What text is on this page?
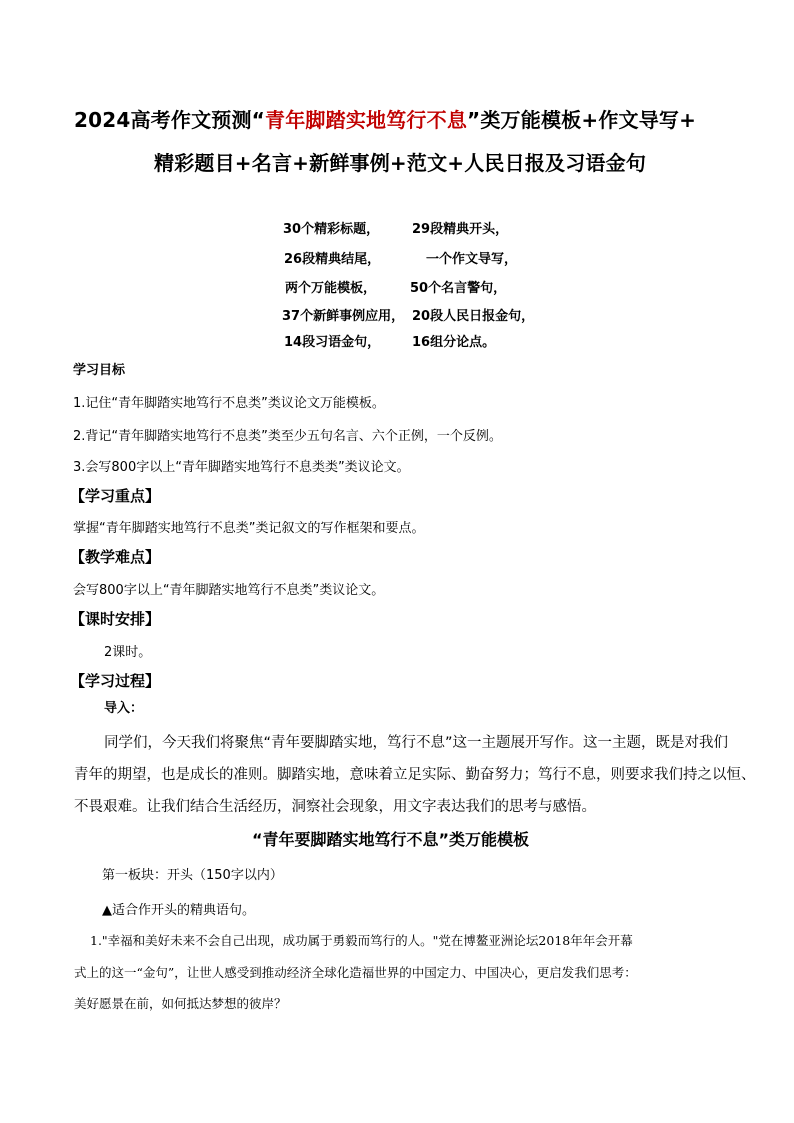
2024高考作文预测“青年脚踏实地笃行不息”类万能模板+作文导写+
精彩题目+名言+新鲜事例+范文+人民日报及习语金句
30个精彩标题，	29段精典开头，
26段精典结尾，	一个作文导写，
两个万能模板，	50个名言警句，
37个新鲜事例应用， 20段人民日报金句，
14段习语金句， 16组分论点。
学习目标
1.记住“青年脚踏实地笃行不息类”类议论文万能模板。
2.背记“青年脚踏实地笃行不息类”类至少五句名言、六个正例，一个反例。
3.会写800字以上“青年脚踏实地笃行不息类类”类议论文。
【学习重点】
掌握“青年脚踏实地笃行不息类”类记叙文的写作框架和要点。
【教学难点】
会写800字以上“青年脚踏实地笃行不息类”类议论文。
【课时安排】
2课时。
【学习过程】
导入：
同学们，今天我们将聚焦“青年要脚踏实地，笃行不息”这一主题展开写作。这一主题，既是对我们
青年的期望，也是成长的准则。脚踏实地，意味着立足实际、勤奋努力；笃行不息，则要求我们持之以恒、
不畏艰难。让我们结合生活经历，洞察社会现象，用文字表达我们的思考与感悟。
“青年要脚踏实地笃行不息”类万能模板
第一板块：开头（150字以内）
▲适合作开头的精典语句。
1."幸福和美好未来不会自己出现，成功属于勇毅而笃行的人。"党在博鳌亚洲论坛2018年年会开幕
式上的这一“金句”，让世人感受到推动经济全球化造福世界的中国定力、中国决心，更启发我们思考：
美好愿景在前，如何抵达梦想的彼岸？
